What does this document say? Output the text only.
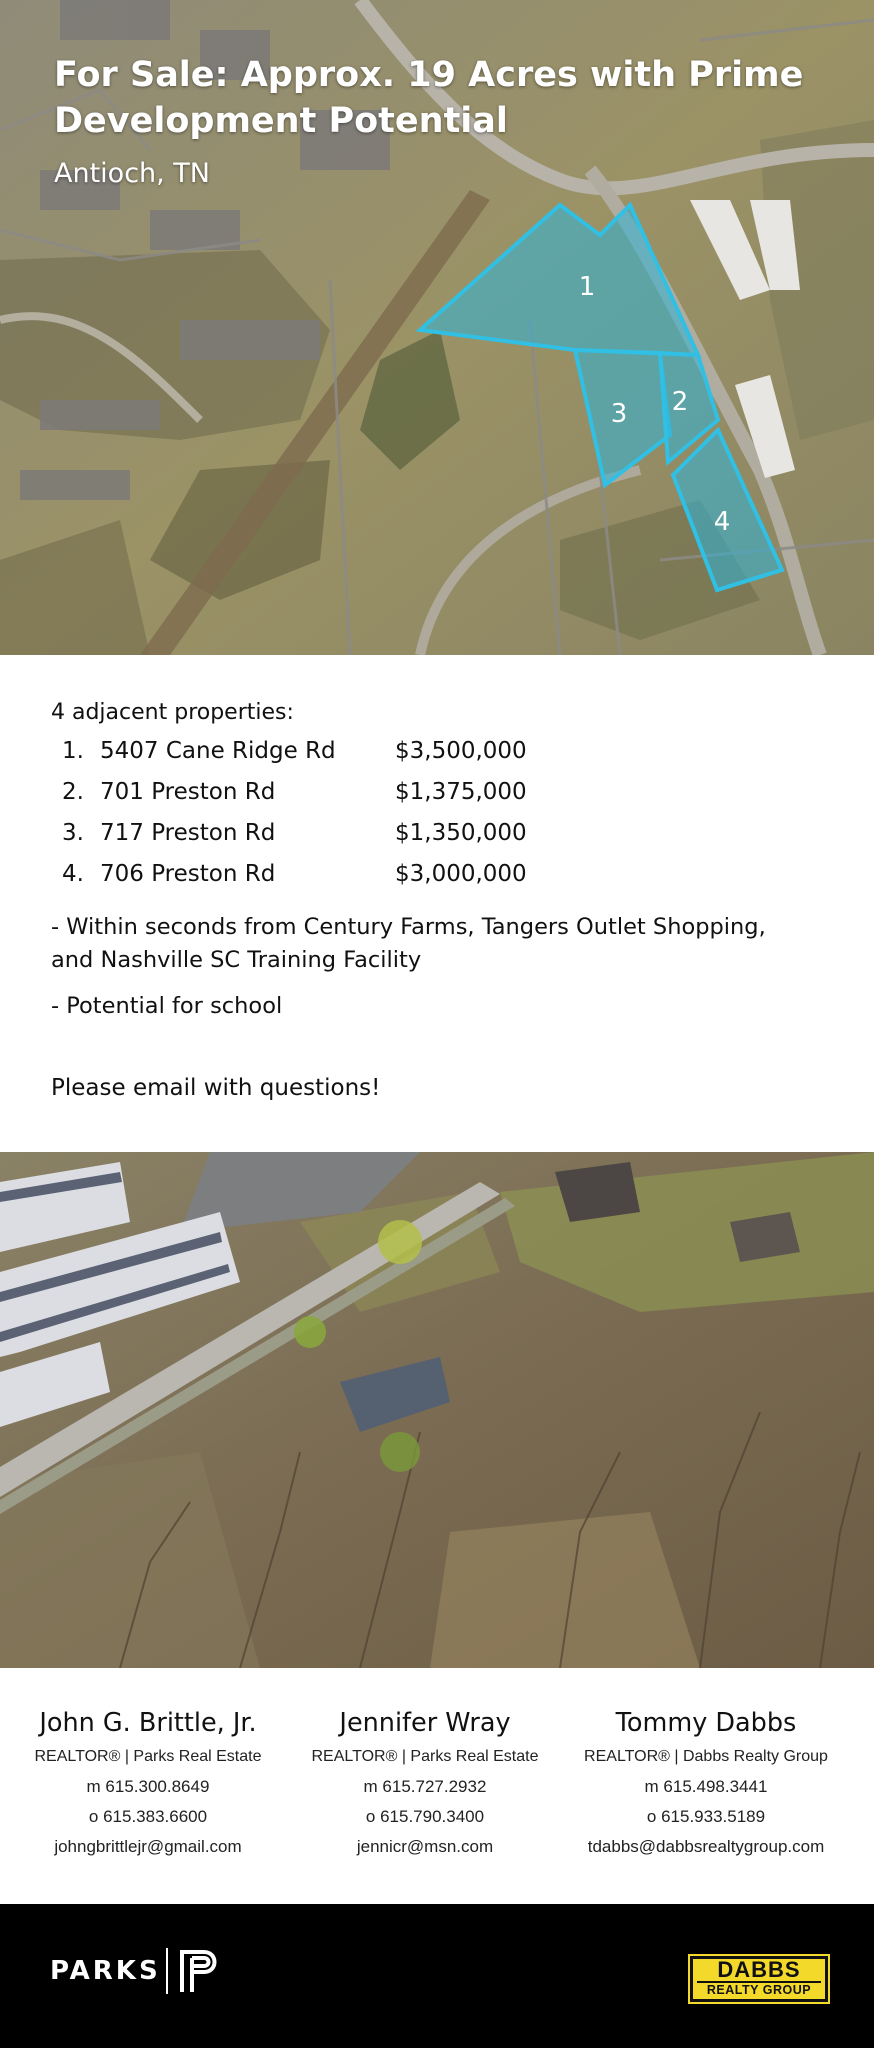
1
2
3
4
For Sale: Approx. 19 Acres with Prime Development Potential
Antioch, TN
4 adjacent properties:
1. 5407 Cane Ridge Rd	$3,500,000
2. 701 Preston Rd	$1,375,000
3. 717 Preston Rd	$1,350,000
4. 706 Preston Rd	$3,000,000
- Within seconds from Century Farms, Tangers Outlet Shopping, and Nashville SC Training Facility
- Potential for school
Please email with questions!
John G. Brittle, Jr.
REALTOR® | Parks Real Estate
m 615.300.8649
o 615.383.6600
johngbrittlejr@gmail.com
Jennifer Wray
REALTOR® | Parks Real Estate
m 615.727.2932
o 615.790.3400
jennicr@msn.com
Tommy Dabbs
REALTOR® | Dabbs Realty Group
m 615.498.3441
o 615.933.5189
tdabbs@dabbsrealtygroup.com
PARKS	DABBS
REALTY GROUP
